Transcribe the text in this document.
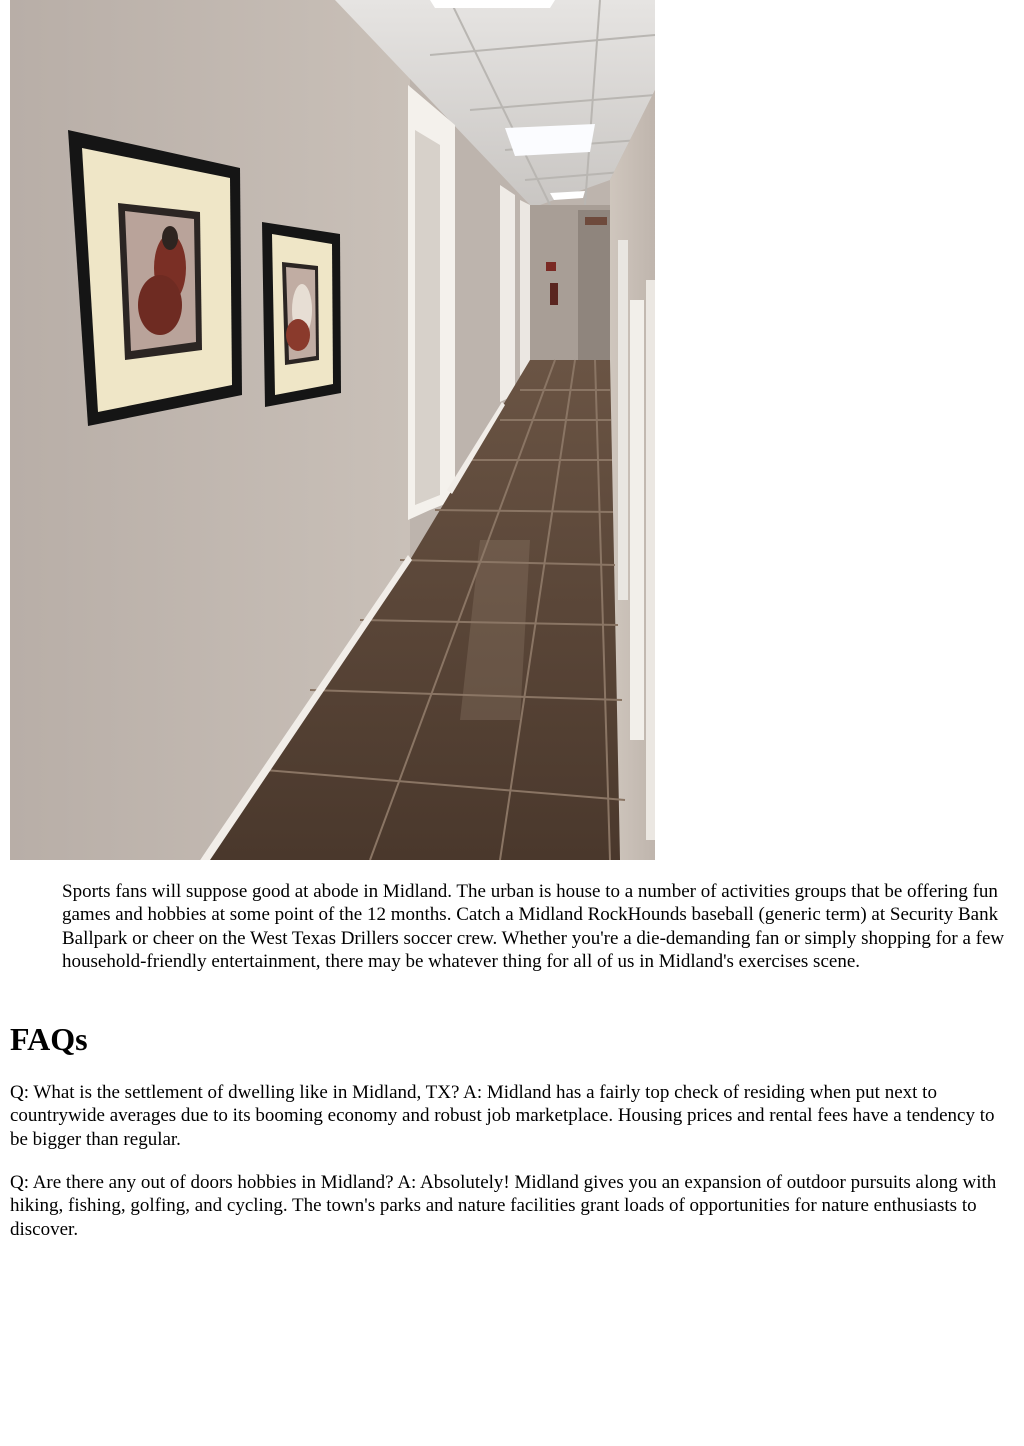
Sports fans will suppose good at abode in Midland. The urban is house to a number of activities groups that be offering fun games and hobbies at some point of the 12 months. Catch a Midland RockHounds baseball (generic term) at Security Bank Ballpark or cheer on the West Texas Drillers soccer crew. Whether you're a die-demanding fan or simply shopping for a few household-friendly entertainment, there may be whatever thing for all of us in Midland's exercises scene.

FAQs

Q: What is the settlement of dwelling like in Midland, TX? A: Midland has a fairly top check of residing when put next to countrywide averages due to its booming economy and robust job marketplace. Housing prices and rental fees have a tendency to be bigger than regular.

Q: Are there any out of doors hobbies in Midland? A: Absolutely! Midland gives you an expansion of outdoor pursuits along with hiking, fishing, golfing, and cycling. The town's parks and nature facilities grant loads of opportunities for nature enthusiasts to discover.
